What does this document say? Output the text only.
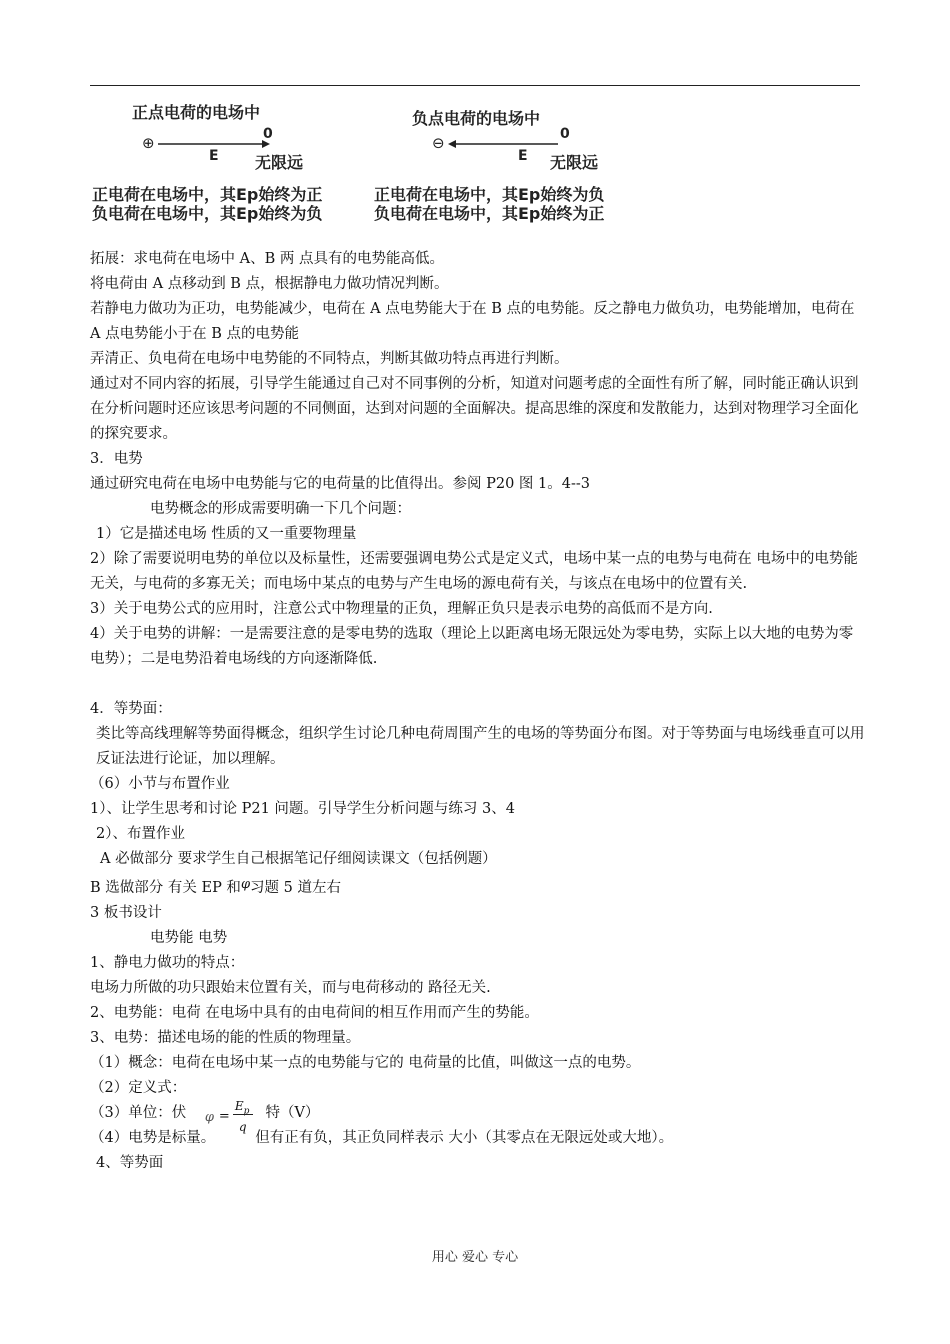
正点电荷的电场中
0
⊕
E 无限远
正电荷在电场中，其Ep始终为正
负电荷在电场中，其Ep始终为负
负点电荷的电场中
0
⊖
E 无限远
正电荷在电场中，其Ep始终为负
负电荷在电场中，其Ep始终为正

拓展：求电荷在电场中 A、B 两 点具有的电势能高低。

将电荷由 A 点移动到 B 点，根据静电力做功情况判断。

若静电力做功为正功，电势能减少，电荷在 A 点电势能大于在 B 点的电势能。反之静电力做负功，电势能增加，电荷在 A 点电势能小于在 B 点的电势能

弄清正、负电荷在电场中电势能的不同特点，判断其做功特点再进行判断。

通过对不同内容的拓展，引导学生能通过自己对不同事例的分析，知道对问题考虑的全面性有所了解，同时能正确认识到在分析问题时还应该思考问题的不同侧面，达到对问题的全面解决。提高思维的深度和发散能力，达到对物理学习全面化的探究要求。

3．电势

通过研究电荷在电场中电势能与它的电荷量的比值得出。参阅 P20 图 1。4--3

电势概念的形成需要明确一下几个问题：

1）它是描述电场 性质的又一重要物理量

2）除了需要说明电势的单位以及标量性，还需要强调电势公式是定义式，电场中某一点的电势与电荷在 电场中的电势能无关，与电荷的多寡无关；而电场中某点的电势与产生电场的源电荷有关，与该点在电场中的位置有关.

3）关于电势公式的应用时，注意公式中物理量的正负，理解正负只是表示电势的高低而不是方向.

4）关于电势的讲解：一是需要注意的是零电势的选取（理论上以距离电场无限远处为零电势，实际上以大地的电势为零电势）；二是电势沿着电场线的方向逐渐降低.

4．等势面：

类比等高线理解等势面得概念，组织学生讨论几种电荷周围产生的电场的等势面分布图。对于等势面与电场线垂直可以用反证法进行论证，加以理解。

（6）小节与布置作业

1）、让学生思考和讨论 P21 问题。引导学生分析问题与练习 3、4

2）、布置作业

A 必做部分 要求学生自己根据笔记仔细阅读课文（包括例题）

B 选做部分 有关 EP 和φ习题 5 道左右

3 板书设计

电势能 电势

1、静电力做功的特点：

电场力所做的功只跟始末位置有关，而与电荷移动的 路径无关.

2、电势能：电荷 在电场中具有的由电荷间的相互作用而产生的势能。

3、电势：描述电场的能的性质的物理量。

（1）概念：电荷在电场中某一点的电势能与它的 电荷量的比值，叫做这一点的电势。

（2）定义式：

（3）单位：伏 φ =
$E_p$
q
特（V）

（4）电势是标量。	但有正有负，其正负同样表示 大小（其零点在无限远处或大地）。

4、等势面

用心 爱心 专心
